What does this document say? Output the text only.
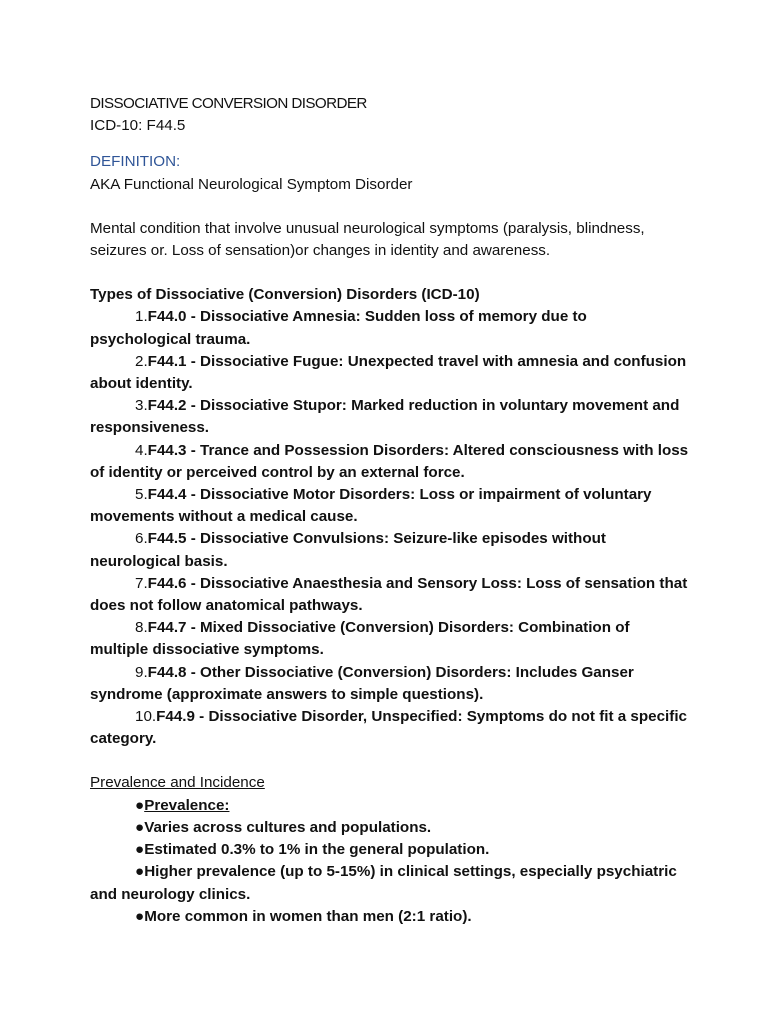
DISSOCIATIVE CONVERSION DISORDER
ICD-10: F44.5
DEFINITION:
AKA Functional Neurological Symptom Disorder
Mental condition that involve unusual neurological symptoms (paralysis, blindness, seizures or. Loss of sensation)or changes in identity and awareness.
Types of Dissociative (Conversion) Disorders (ICD-10)
1.F44.0 - Dissociative Amnesia: Sudden loss of memory due to psychological trauma.
2.F44.1 - Dissociative Fugue: Unexpected travel with amnesia and confusion about identity.
3.F44.2 - Dissociative Stupor: Marked reduction in voluntary movement and responsiveness.
4.F44.3 - Trance and Possession Disorders: Altered consciousness with loss of identity or perceived control by an external force.
5.F44.4 - Dissociative Motor Disorders: Loss or impairment of voluntary movements without a medical cause.
6.F44.5 - Dissociative Convulsions: Seizure-like episodes without neurological basis.
7.F44.6 - Dissociative Anaesthesia and Sensory Loss: Loss of sensation that does not follow anatomical pathways.
8.F44.7 - Mixed Dissociative (Conversion) Disorders: Combination of multiple dissociative symptoms.
9.F44.8 - Other Dissociative (Conversion) Disorders: Includes Ganser syndrome (approximate answers to simple questions).
10.F44.9 - Dissociative Disorder, Unspecified: Symptoms do not fit a specific category.
Prevalence and Incidence
●Prevalence:
●Varies across cultures and populations.
●Estimated 0.3% to 1% in the general population.
●Higher prevalence (up to 5-15%) in clinical settings, especially psychiatric and neurology clinics.
●More common in women than men (2:1 ratio).
